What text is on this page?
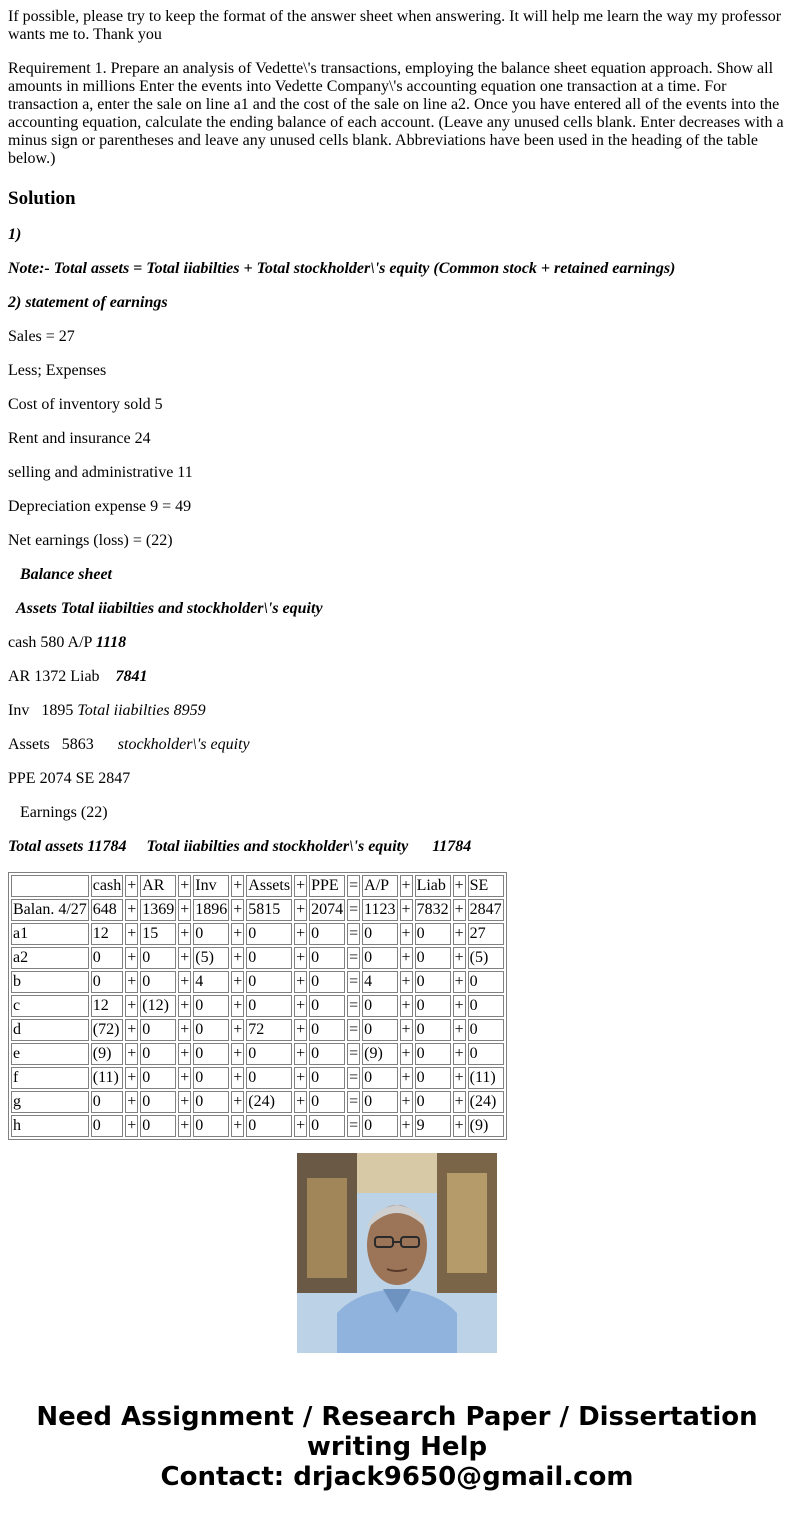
If possible, please try to keep the format of the answer sheet when answering. It will help me learn the way my professor wants me to. Thank you

Requirement 1. Prepare an analysis of Vedette\'s transactions, employing the balance sheet equation approach. Show all amounts in millions Enter the events into Vedette Company\'s accounting equation one transaction at a time. For transaction a, enter the sale on line a1 and the cost of the sale on line a2. Once you have entered all of the events into the accounting equation, calculate the ending balance of each account. (Leave any unused cells blank. Enter decreases with a minus sign or parentheses and leave any unused cells blank. Abbreviations have been used in the heading of the table below.)

Solution

1)

Note:- Total assets = Total iiabilties + Total stockholder\'s equity (Common stock + retained earnings)

2) statement of earnings

Sales = 27

Less; Expenses

Cost of inventory sold 5

Rent and insurance 24

selling and administrative 11

Depreciation expense 9 = 49

Net earnings (loss) = (22)

Balance sheet

Assets Total iiabilties and stockholder\'s equity

cash 580 A/P 1118

AR 1372 Liab    7841

Inv   1895 Total iiabilties 8959

Assets   5863      stockholder\'s equity

PPE 2074 SE 2847

Earnings (22)

Total assets 11784     Total iiabilties and stockholder\'s equity      11784

	cash	+	AR	+	Inv	+	Assets	+	PPE	=	A/P	+	Liab	+	SE
Balan. 4/27	648	+	1369	+	1896	+	5815	+	2074	=	1123	+	7832	+	2847
a1	12	+	15	+	0	+	0	+	0	=	0	+	0	+	27
a2	0	+	0	+	(5)	+	0	+	0	=	0	+	0	+	(5)
b	0	+	0	+	4	+	0	+	0	=	4	+	0	+	0
c	12	+	(12)	+	0	+	0	+	0	=	0	+	0	+	0
d	(72)	+	0	+	0	+	72	+	0	=	0	+	0	+	0
e	(9)	+	0	+	0	+	0	+	0	=	(9)	+	0	+	0
f	(11)	+	0	+	0	+	0	+	0	=	0	+	0	+	(11)
g	0	+	0	+	0	+	(24)	+	0	=	0	+	0	+	(24)
h	0	+	0	+	0	+	0	+	0	=	0	+	9	+	(9)
Need Assignment / Research Paper / Dissertation
writing Help
Contact: drjack9650@gmail.com
